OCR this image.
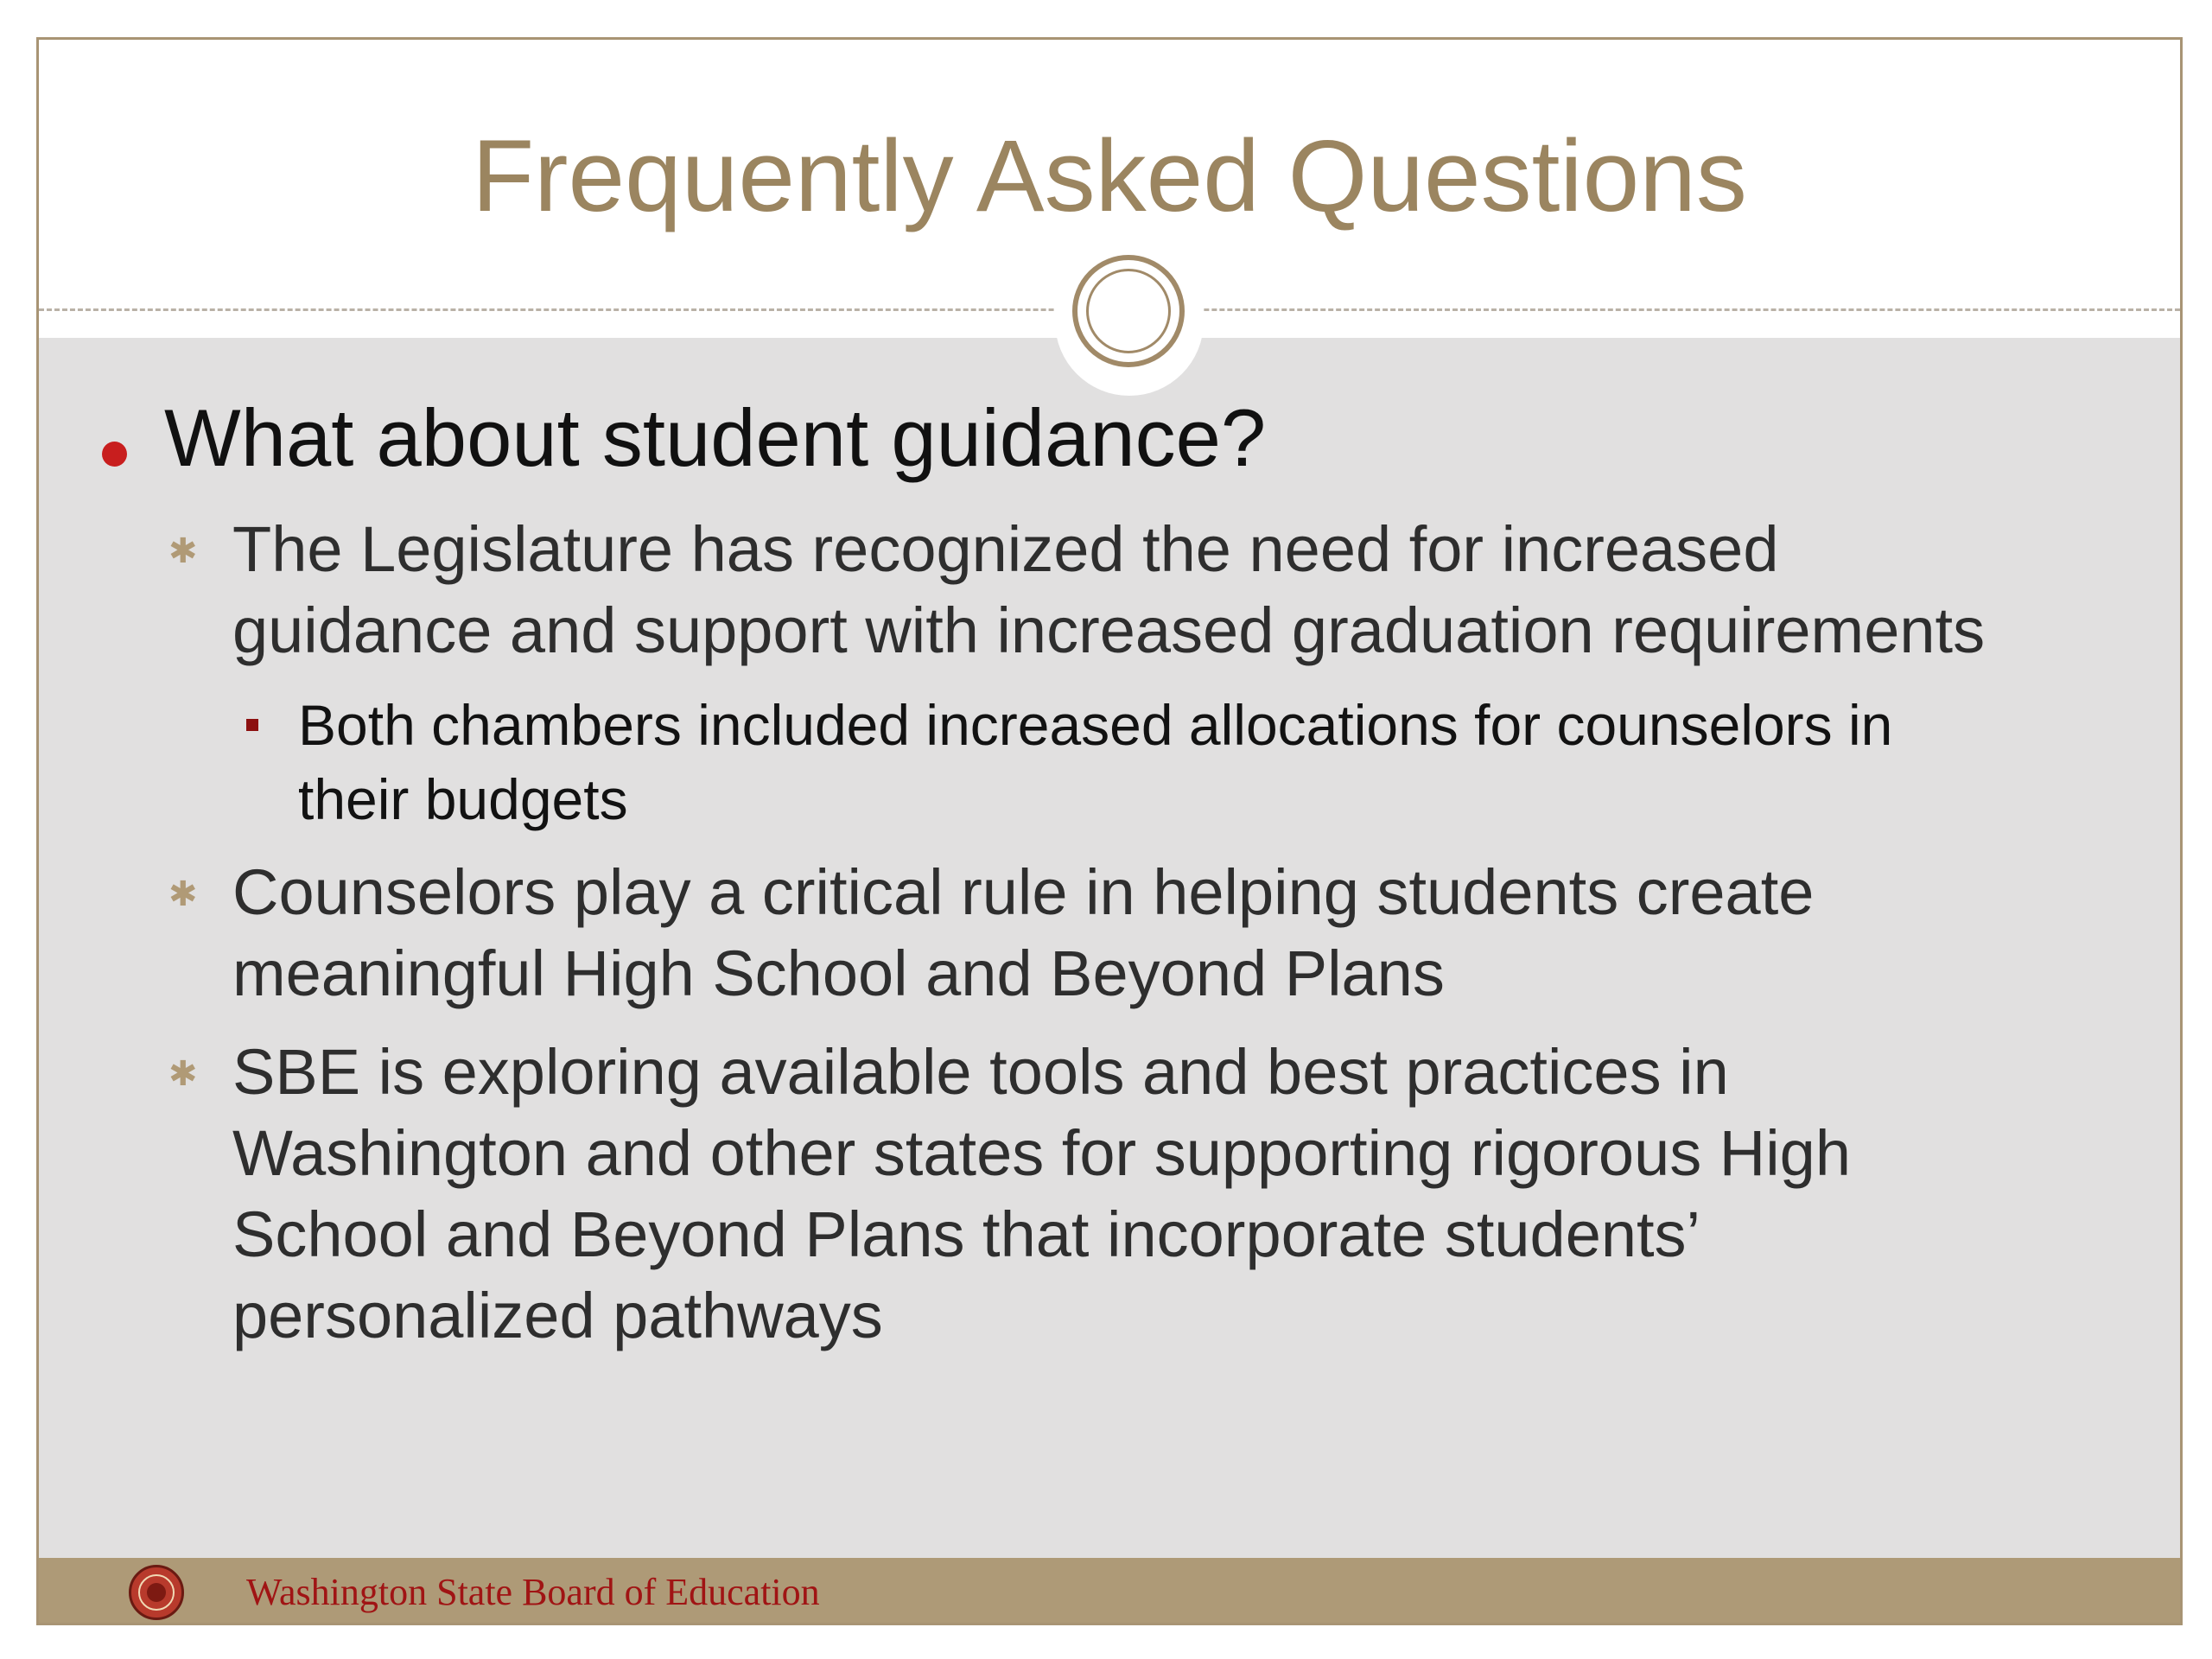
Frequently Asked Questions
What about student guidance?
✱ The Legislature has recognized the need for increased
guidance and support with increased graduation requirements
Both chambers included increased allocations for counselors in
their budgets
✱ Counselors play a critical rule in helping students create
meaningful High School and Beyond Plans
✱ SBE is exploring available tools and best practices in
Washington and other states for supporting rigorous High
School and Beyond Plans that incorporate students’
personalized pathways
Washington State Board of Education
